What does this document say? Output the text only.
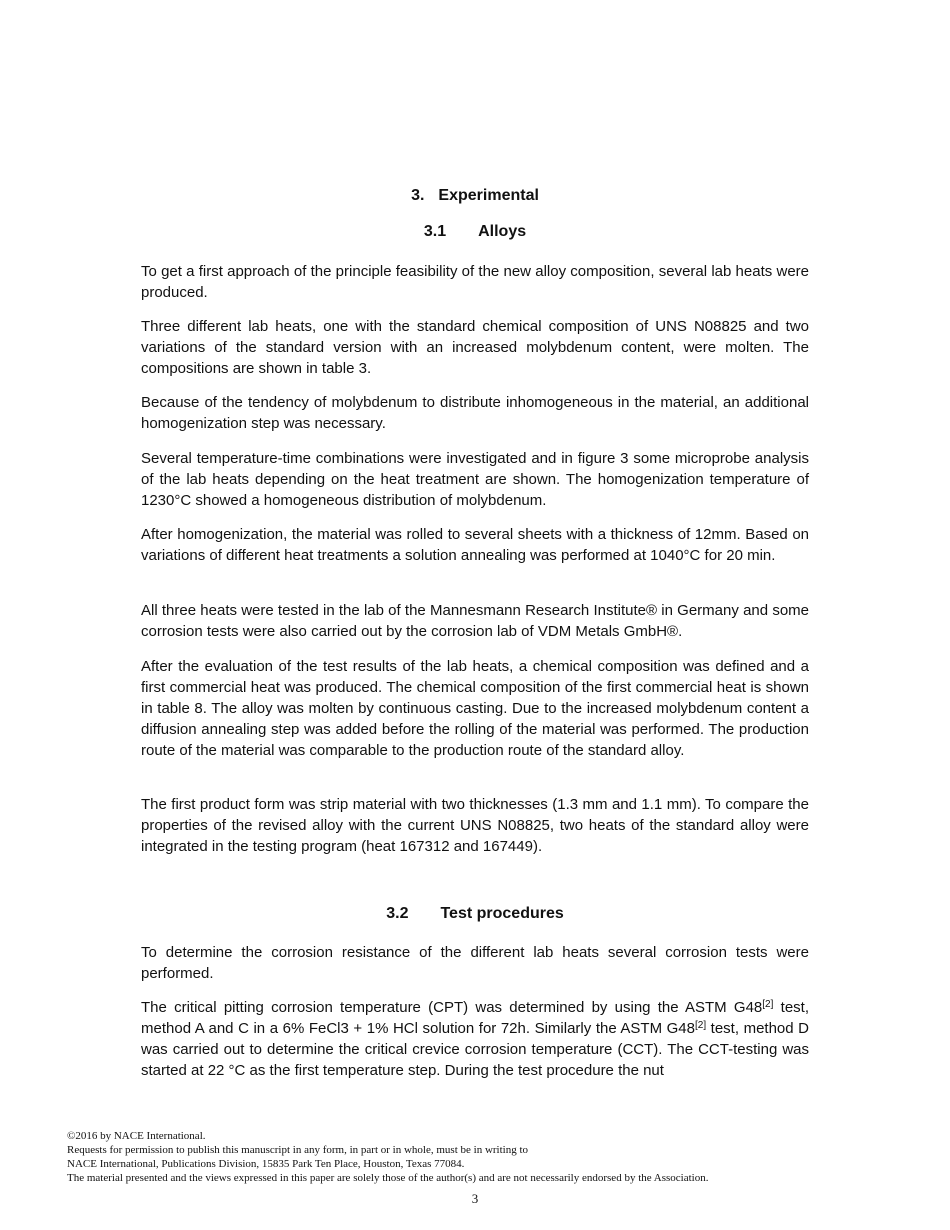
3. Experimental
3.1 Alloys

To get a first approach of the principle feasibility of the new alloy composition, several lab heats were produced.

Three different lab heats, one with the standard chemical composition of UNS N08825 and two variations of the standard version with an increased molybdenum content, were molten. The compositions are shown in table 3.

Because of the tendency of molybdenum to distribute inhomogeneous in the material, an additional homogenization step was necessary.

Several temperature-time combinations were investigated and in figure 3 some microprobe analysis of the lab heats depending on the heat treatment are shown. The homogenization temperature of 1230°C showed a homogeneous distribution of molybdenum.

After homogenization, the material was rolled to several sheets with a thickness of 12mm. Based on variations of different heat treatments a solution annealing was performed at 1040°C for 20 min.

All three heats were tested in the lab of the Mannesmann Research Institute® in Germany and some corrosion tests were also carried out by the corrosion lab of VDM Metals GmbH®.

After the evaluation of the test results of the lab heats, a chemical composition was defined and a first commercial heat was produced. The chemical composition of the first commercial heat is shown in table 8. The alloy was molten by continuous casting. Due to the increased molybdenum content a diffusion annealing step was added before the rolling of the material was performed. The production route of the material was comparable to the production route of the standard alloy.

The first product form was strip material with two thicknesses (1.3 mm and 1.1 mm). To compare the properties of the revised alloy with the current UNS N08825, two heats of the standard alloy were integrated in the testing program (heat 167312 and 167449).

3.2 Test procedures

To determine the corrosion resistance of the different lab heats several corrosion tests were performed.

The critical pitting corrosion temperature (CPT) was determined by using the ASTM G48[2] test, method A and C in a 6% FeCl3 + 1% HCl solution for 72h. Similarly the ASTM G48[2] test, method D was carried out to determine the critical crevice corrosion temperature (CCT). The CCT-testing was started at 22 °C as the first temperature step. During the test procedure the nut

©2016 by NACE International.
Requests for permission to publish this manuscript in any form, in part or in whole, must be in writing to
NACE International, Publications Division, 15835 Park Ten Place, Houston, Texas 77084.
The material presented and the views expressed in this paper are solely those of the author(s) and are not necessarily endorsed by the Association.
3
